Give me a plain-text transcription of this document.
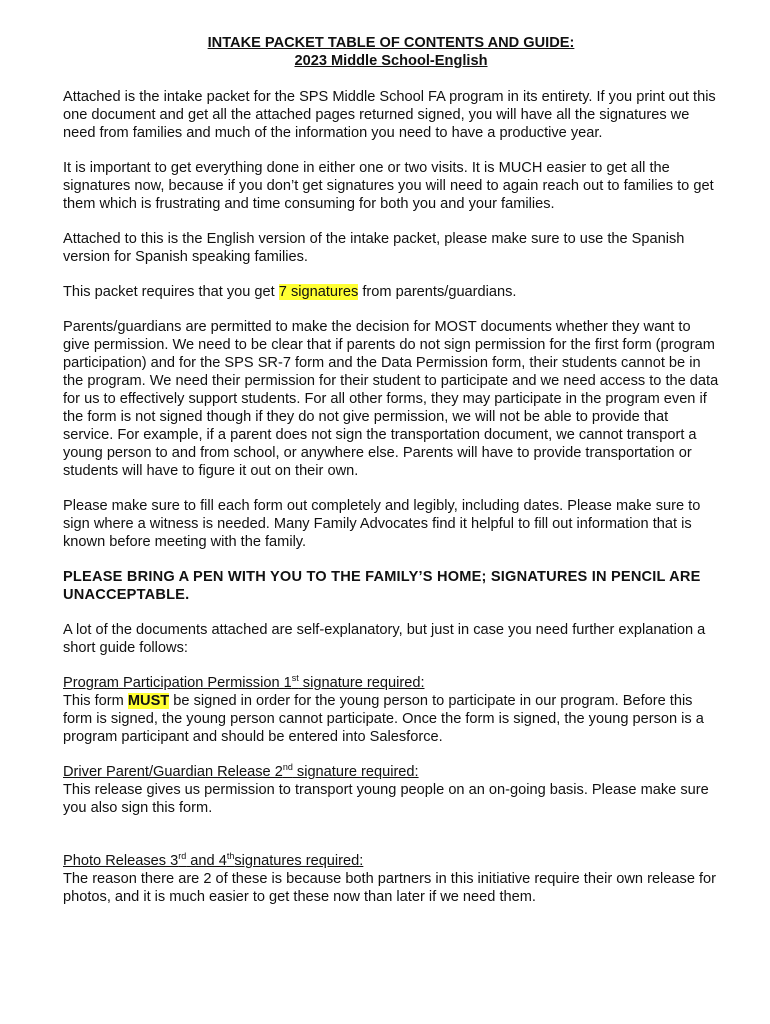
INTAKE PACKET TABLE OF CONTENTS AND GUIDE:

2023 Middle School-English

Attached is the intake packet for the SPS Middle School FA program in its entirety. If you print out this one document and get all the attached pages returned signed, you will have all the signatures we need from families and much of the information you need to have a productive year.

It is important to get everything done in either one or two visits. It is MUCH easier to get all the signatures now, because if you don’t get signatures you will need to again reach out to families to get them which is frustrating and time consuming for both you and your families.

Attached to this is the English version of the intake packet, please make sure to use the Spanish version for Spanish speaking families.

This packet requires that you get 7 signatures from parents/guardians.

Parents/guardians are permitted to make the decision for MOST documents whether they want to give permission. We need to be clear that if parents do not sign permission for the first form (program participation) and for the SPS SR-7 form and the Data Permission form, their students cannot be in the program. We need their permission for their student to participate and we need access to the data for us to effectively support students. For all other forms, they may participate in the program even if the form is not signed though if they do not give permission, we will not be able to provide that service. For example, if a parent does not sign the transportation document, we cannot transport a young person to and from school, or anywhere else. Parents will have to provide transportation or students will have to figure it out on their own.

Please make sure to fill each form out completely and legibly, including dates. Please make sure to sign where a witness is needed. Many Family Advocates find it helpful to fill out information that is known before meeting with the family.

PLEASE BRING A PEN WITH YOU TO THE FAMILY’S HOME; SIGNATURES IN PENCIL ARE UNACCEPTABLE.

A lot of the documents attached are self-explanatory, but just in case you need further explanation a short guide follows:

Program Participation Permission 1st signature required:
This form MUST be signed in order for the young person to participate in our program. Before this form is signed, the young person cannot participate. Once the form is signed, the young person is a program participant and should be entered into Salesforce.
Driver Parent/Guardian Release 2nd signature required:
This release gives us permission to transport young people on an on-going basis. Please make sure you also sign this form.
Photo Releases 3rd and 4thsignatures required:
The reason there are 2 of these is because both partners in this initiative require their own release for photos, and it is much easier to get these now than later if we need them.
